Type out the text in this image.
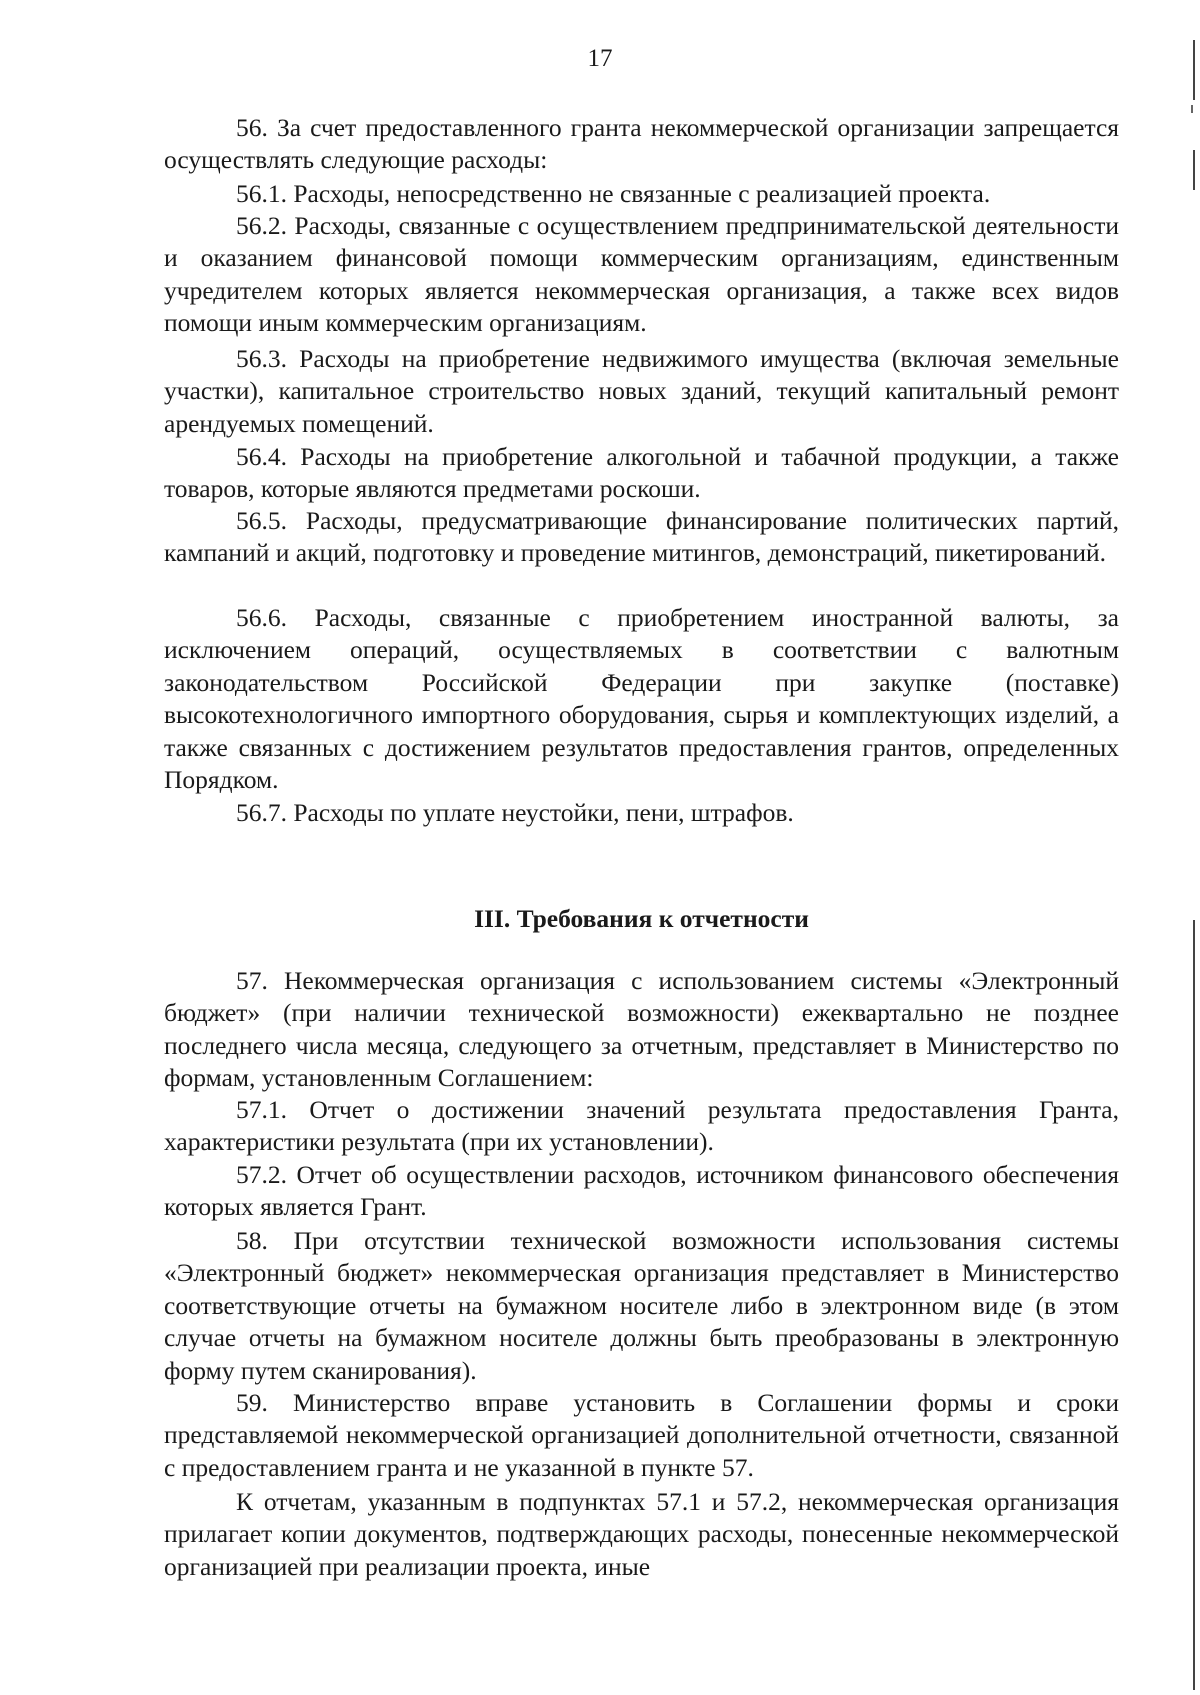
17
56. За счет предоставленного гранта некоммерческой организации запрещается осуществлять следующие расходы:
56.1. Расходы, непосредственно не связанные с реализацией проекта.
56.2. Расходы, связанные с осуществлением предпринимательской деятельности и оказанием финансовой помощи коммерческим организациям, единственным учредителем которых является некоммерческая организация, а также всех видов помощи иным коммерческим организациям.
56.3. Расходы на приобретение недвижимого имущества (включая земельные участки), капитальное строительство новых зданий, текущий капитальный ремонт арендуемых помещений.
56.4. Расходы на приобретение алкогольной и табачной продукции, а также товаров, которые являются предметами роскоши.
56.5. Расходы, предусматривающие финансирование политических партий, кампаний и акций, подготовку и проведение митингов, демонстраций, пикетирований.
56.6. Расходы, связанные с приобретением иностранной валюты, за исключением операций, осуществляемых в соответствии с валютным законодательством Российской Федерации при закупке (поставке) высокотехнологичного импортного оборудования, сырья и комплектующих изделий, а также связанных с достижением результатов предоставления грантов, определенных Порядком.
56.7. Расходы по уплате неустойки, пени, штрафов.
III. Требования к отчетности
57. Некоммерческая организация с использованием системы «Электронный бюджет» (при наличии технической возможности) ежеквартально не позднее последнего числа месяца, следующего за отчетным, представляет в Министерство по формам, установленным Соглашением:
57.1. Отчет о достижении значений результата предоставления Гранта, характеристики результата (при их установлении).
57.2. Отчет об осуществлении расходов, источником финансового обеспечения которых является Грант.
58. При отсутствии технической возможности использования системы «Электронный бюджет» некоммерческая организация представляет в Министерство соответствующие отчеты на бумажном носителе либо в электронном виде (в этом случае отчеты на бумажном носителе должны быть преобразованы в электронную форму путем сканирования).
59. Министерство вправе установить в Соглашении формы и сроки представляемой некоммерческой организацией дополнительной отчетности, связанной с предоставлением гранта и не указанной в пункте 57.
К отчетам, указанным в подпунктах 57.1 и 57.2, некоммерческая организация прилагает копии документов, подтверждающих расходы, понесенные некоммерческой организацией при реализации проекта, иные
